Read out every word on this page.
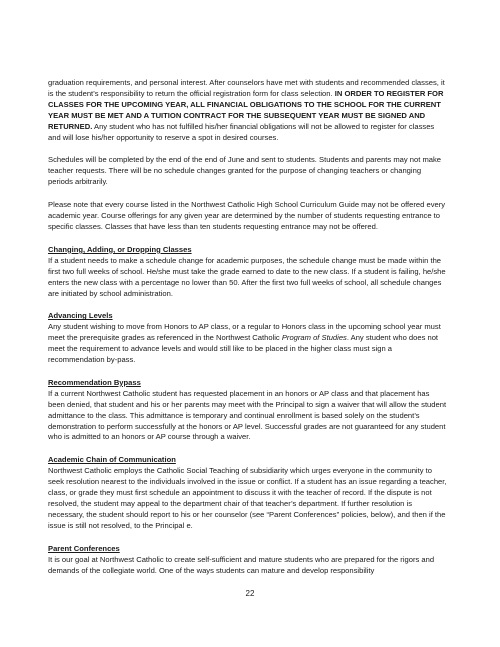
graduation requirements, and personal interest. After counselors have met with students and recommended classes, it is the student’s responsibility to return the official registration form for class selection. IN ORDER TO REGISTER FOR CLASSES FOR THE UPCOMING YEAR, ALL FINANCIAL OBLIGATIONS TO THE SCHOOL FOR THE CURRENT YEAR MUST BE MET AND A TUITION CONTRACT FOR THE SUBSEQUENT YEAR MUST BE SIGNED AND RETURNED. Any student who has not fulfilled his/her financial obligations will not be allowed to register for classes and will lose his/her opportunity to reserve a spot in desired courses.

Schedules will be completed by the end of the end of June and sent to students. Students and parents may not make teacher requests. There will be no schedule changes granted for the purpose of changing teachers or changing periods arbitrarily.

Please note that every course listed in the Northwest Catholic High School Curriculum Guide may not be offered every academic year. Course offerings for any given year are determined by the number of students requesting entrance to specific classes. Classes that have less than ten students requesting entrance may not be offered.

Changing, Adding, or Dropping Classes
If a student needs to make a schedule change for academic purposes, the schedule change must be made within the first two full weeks of school. He/she must take the grade earned to date to the new class. If a student is failing, he/she enters the new class with a percentage no lower than 50. After the first two full weeks of school, all schedule changes are initiated by school administration.

Advancing Levels
Any student wishing to move from Honors to AP class, or a regular to Honors class in the upcoming school year must meet the prerequisite grades as referenced in the Northwest Catholic Program of Studies. Any student who does not meet the requirement to advance levels and would still like to be placed in the higher class must sign a recommendation by-pass.

Recommendation Bypass
If a current Northwest Catholic student has requested placement in an honors or AP class and that placement has been denied, that student and his or her parents may meet with the Principal to sign a waiver that will allow the student admittance to the class. This admittance is temporary and continual enrollment is based solely on the student’s demonstration to perform successfully at the honors or AP level. Successful grades are not guaranteed for any student who is admitted to an honors or AP course through a waiver.

Academic Chain of Communication
Northwest Catholic employs the Catholic Social Teaching of subsidiarity which urges everyone in the community to seek resolution nearest to the individuals involved in the issue or conflict. If a student has an issue regarding a teacher, class, or grade they must first schedule an appointment to discuss it with the teacher of record. If the dispute is not resolved, the student may appeal to the department chair of that teacher’s department. If further resolution is necessary, the student should report to his or her counselor (see “Parent Conferences” policies, below), and then if the issue is still not resolved, to the Principal e.

Parent Conferences
It is our goal at Northwest Catholic to create self-sufficient and mature students who are prepared for the rigors and demands of the collegiate world. One of the ways students can mature and develop responsibility

22
